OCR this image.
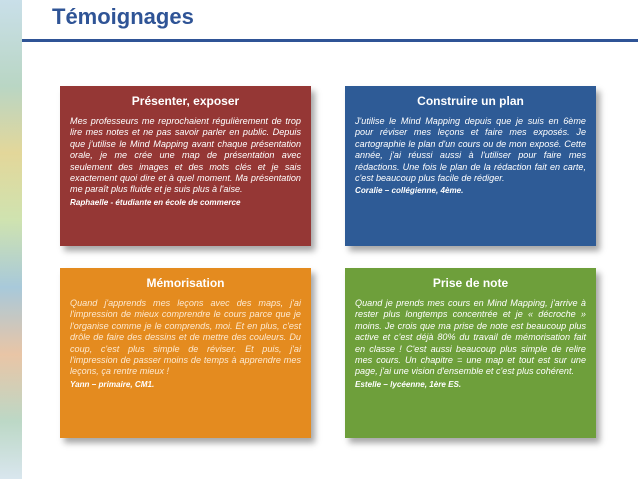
Témoignages
Présenter, exposer
Mes professeurs me reprochaient régulièrement de trop lire mes notes et ne pas savoir parler en public. Depuis que j'utilise le Mind Mapping avant chaque présentation orale, je me crée une map de présentation avec seulement des images et des mots clés et je sais exactement quoi dire et à quel moment. Ma présentation me paraît plus fluide et je suis plus à l'aise.
Raphaelle - étudiante en école de commerce
Construire un plan
J'utilise le Mind Mapping depuis que je suis en 6ème pour réviser mes leçons et faire mes exposés. Je cartographie le plan d'un cours ou de mon exposé. Cette année, j'ai réussi aussi à l'utiliser pour faire mes rédactions. Une fois le plan de la rédaction fait en carte, c'est beaucoup plus facile de rédiger.
Coralie – collégienne, 4ème.
Mémorisation
Quand j'apprends mes leçons avec des maps, j'ai l'impression de mieux comprendre le cours parce que je l'organise comme je le comprends, moi. Et en plus, c'est drôle de faire des dessins et de mettre des couleurs. Du coup, c'est plus simple de réviser. Et puis, j'ai l'impression de passer moins de temps à apprendre mes leçons, ça rentre mieux !
Yann – primaire, CM1.
Prise de note
Quand je prends mes cours en Mind Mapping, j'arrive à rester plus longtemps concentrée et je « décroche » moins. Je crois que ma prise de note est beaucoup plus active et c'est déjà 80% du travail de mémorisation fait en classe ! C'est aussi beaucoup plus simple de relire mes cours. Un chapitre = une map et tout est sur une page, j'ai une vision d'ensemble et c'est plus cohérent.
Estelle – lycéenne, 1ère ES.
